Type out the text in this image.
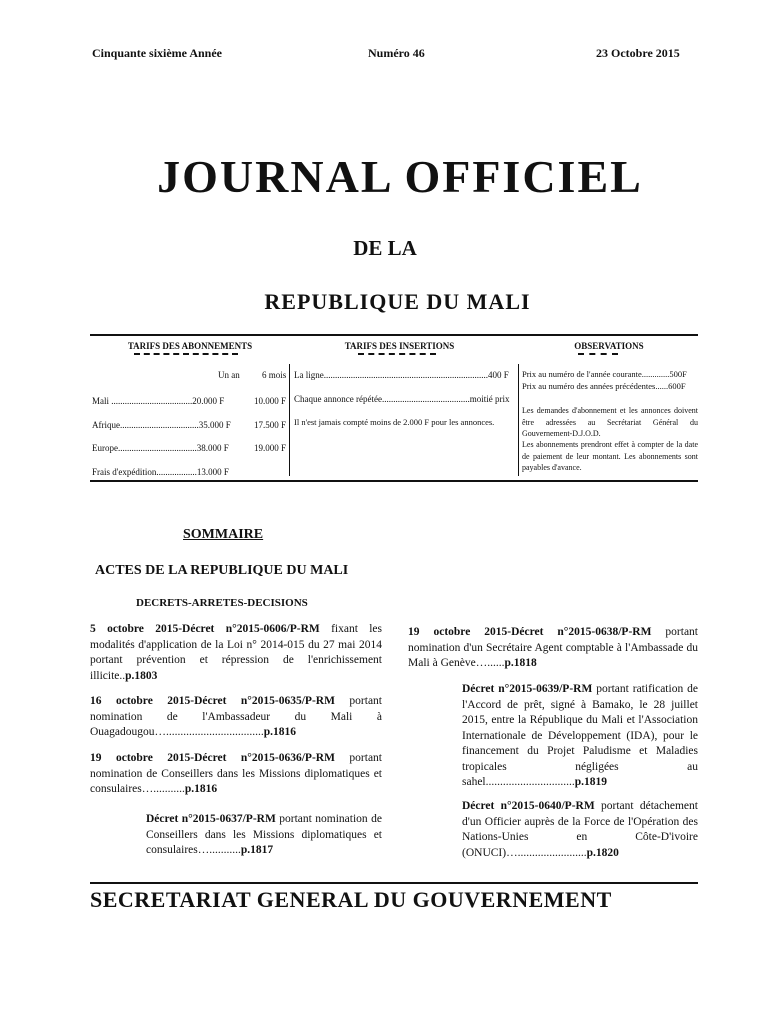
Cinquante sixième Année	Numéro 46	23 Octobre 2015
JOURNAL OFFICIEL
DE LA
REPUBLIQUE DU MALI
TARIFS DES ABONNEMENTS	TARIFS DES INSERTIONS	OBSERVATIONS
Un an 6 mois
Mali ....................................20.000 F	10.000 F
Afrique...................................35.000 F	17.500 F
Europe...................................38.000 F	19.000 F
Frais d'expédition..................13.000 F
La ligne.........................................................................400 F
Chaque annonce répétée.......................................moitié prix
Il n'est jamais compté moins de 2.000 F pour les annonces.
Prix au numéro de l'année courante.............500F
Prix au numéro des années précédentes......600F
Les demandes d'abonnement et les annonces doivent être adressées au Secrétariat Général du Gouvernement-D.J.O.D.
Les abonnements prendront effet à compter de la date de paiement de leur montant. Les abonnements sont payables d'avance.
SOMMAIRE
ACTES DE LA REPUBLIQUE DU MALI
DECRETS-ARRETES-DECISIONS
5 octobre 2015-Décret n°2015-0606/P-RM fixant les modalités d'application de la Loi n° 2014-015 du 27 mai 2014 portant prévention et répression de l'enrichissement illicite..p.1803
16 octobre 2015-Décret n°2015-0635/P-RM portant nomination de l'Ambassadeur du Mali à Ouagadougou…..................................p.1816
19 octobre 2015-Décret n°2015-0636/P-RM portant nomination de Conseillers dans les Missions diplomatiques et consulaires…...........p.1816
Décret n°2015-0637/P-RM portant nomination de Conseillers dans les Missions diplomatiques et consulaires…...........p.1817
19 octobre 2015-Décret n°2015-0638/P-RM portant nomination d'un Secrétaire Agent comptable à l'Ambassade du Mali à Genève…......p.1818
Décret n°2015-0639/P-RM portant ratification de l'Accord de prêt, signé à Bamako, le 28 juillet 2015, entre la République du Mali et l'Association Internationale de Développement (IDA), pour le financement du Projet Paludisme et Maladies tropicales négligées au sahel...............................p.1819
Décret n°2015-0640/P-RM portant détachement d'un Officier auprès de la Force de l'Opération des Nations-Unies en Côte-D'ivoire (ONUCI)…........................p.1820
SECRETARIAT GENERAL DU GOUVERNEMENT
